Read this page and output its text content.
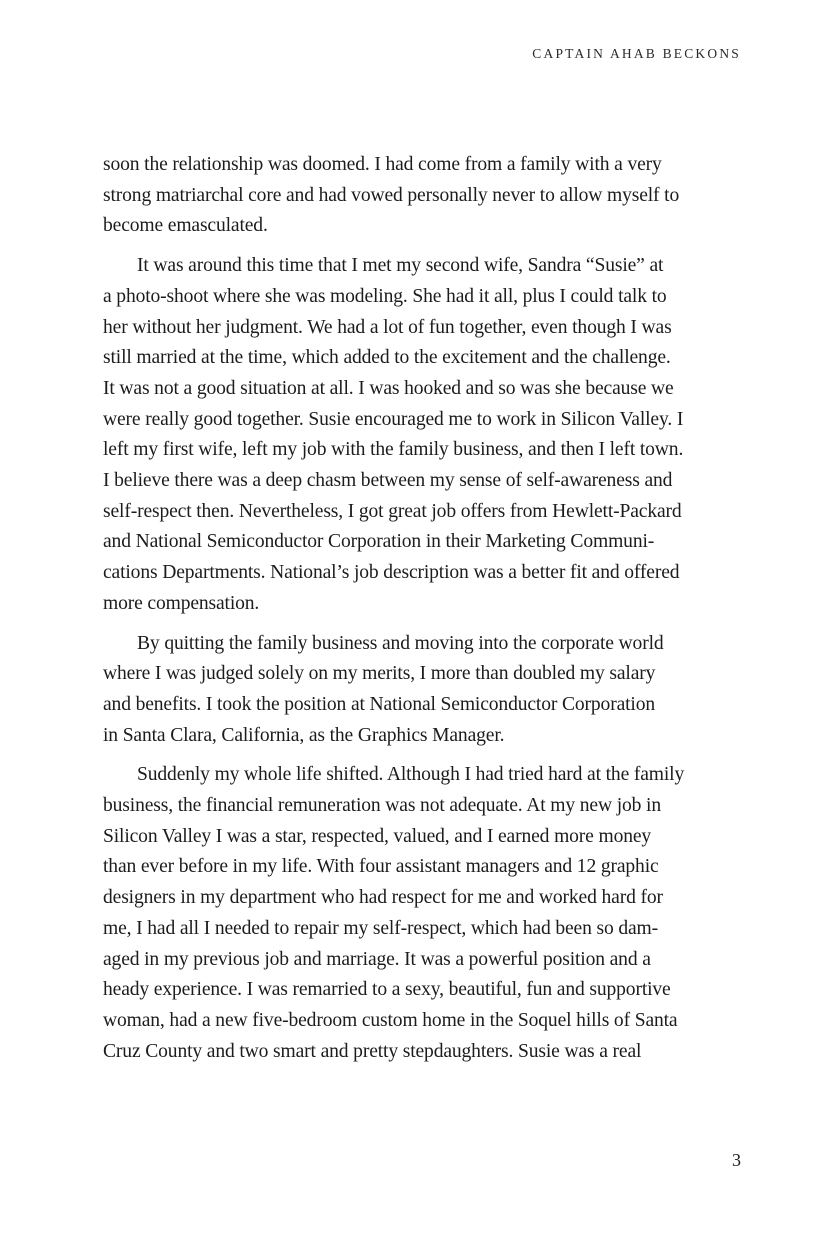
CAPTAIN AHAB BECKONS

soon the relationship was doomed. I had come from a family with a very
strong matriarchal core and had vowed personally never to allow myself to
become emasculated.

It was around this time that I met my second wife, Sandra “Susie” at
a photo-shoot where she was modeling. She had it all, plus I could talk to
her without her judgment. We had a lot of fun together, even though I was
still married at the time, which added to the excitement and the challenge.
It was not a good situation at all. I was hooked and so was she because we
were really good together. Susie encouraged me to work in Silicon Valley. I
left my first wife, left my job with the family business, and then I left town.
I believe there was a deep chasm between my sense of self-awareness and
self-respect then. Nevertheless, I got great job offers from Hewlett-Packard
and National Semiconductor Corporation in their Marketing Communi-
cations Departments. National’s job description was a better fit and offered
more compensation.

By quitting the family business and moving into the corporate world
where I was judged solely on my merits, I more than doubled my salary
and benefits. I took the position at National Semiconductor Corporation
in Santa Clara, California, as the Graphics Manager.

Suddenly my whole life shifted. Although I had tried hard at the family
business, the financial remuneration was not adequate. At my new job in
Silicon Valley I was a star, respected, valued, and I earned more money
than ever before in my life. With four assistant managers and 12 graphic
designers in my department who had respect for me and worked hard for
me, I had all I needed to repair my self-respect, which had been so dam-
aged in my previous job and marriage. It was a powerful position and a
heady experience. I was remarried to a sexy, beautiful, fun and supportive
woman, had a new five-bedroom custom home in the Soquel hills of Santa
Cruz County and two smart and pretty stepdaughters. Susie was a real

3
